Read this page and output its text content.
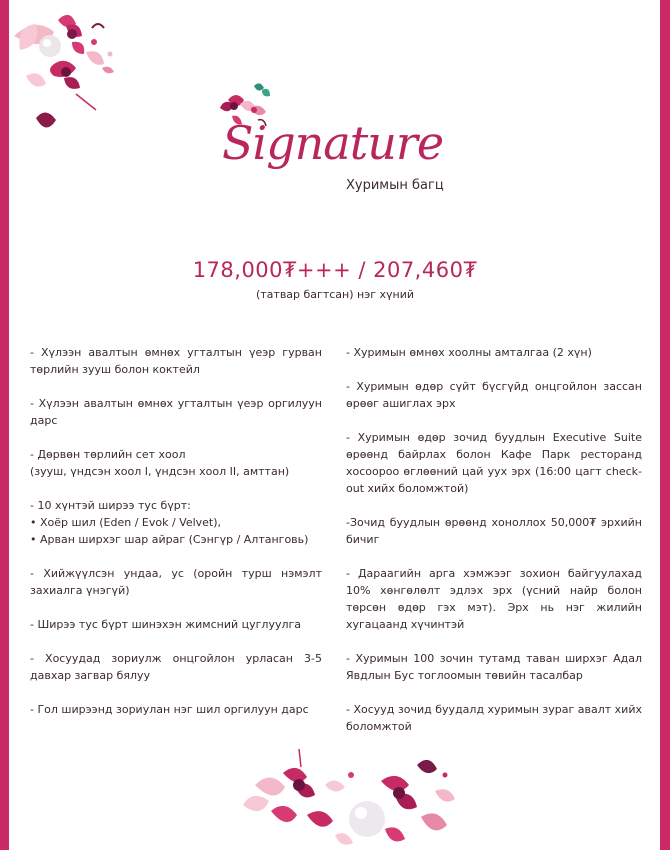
Signature
Хуримын багц
178,000₮+++ / 207,460₮
(татвар багтсан) нэг хүний
- Хүлээн авалтын өмнөх угталтын үеэр гурван төрлийн зууш болон коктейл
- Хүлээн авалтын өмнөх угталтын үеэр оргилуун дарс
- Дөрвөн төрлийн сет хоол
(зууш, үндсэн хоол I, үндсэн хоол II, амттан)
- 10 хүнтэй ширээ тус бүрт:
• Хоёр шил (Eden / Evok / Velvet),
• Арван ширхэг шар айраг (Сэнгүр / Алтанговь)
- Хийжүүлсэн ундаа, ус (оройн турш нэмэлт захиалга үнэгүй)
- Ширээ тус бүрт шинэхэн жимсний цуглуулга
- Хосуудад зориулж онцгойлон урласан 3-5 давхар загвар бялуу
- Гол ширээнд зориулан нэг шил оргилуун дарс
- Хуримын өмнөх хоолны амталгаа (2 хүн)
- Хуримын өдөр сүйт бүсгүйд онцгойлон зассан өрөөг ашиглах эрх
- Хуримын өдөр зочид буудлын Executive Suite өрөөнд байрлах болон Кафе Парк ресторанд хосоороо өглөөний цай уух эрх (16:00 цагт check-out хийх боломжтой)
-Зочид буудлын өрөөнд хоноллох 50,000₮ эрхийн бичиг
- Дараагийн арга хэмжээг зохион байгуулахад 10% хөнгөлөлт эдлэх эрх (үсний найр болон төрсөн өдөр гэх мэт). Эрх нь нэг жилийн хугацаанд хүчинтэй
- Хуримын 100 зочин тутамд таван ширхэг Адал Явдлын Бус тоглоомын төвийн тасалбар
- Хосууд зочид буудалд хуримын зураг авалт хийх боломжтой
